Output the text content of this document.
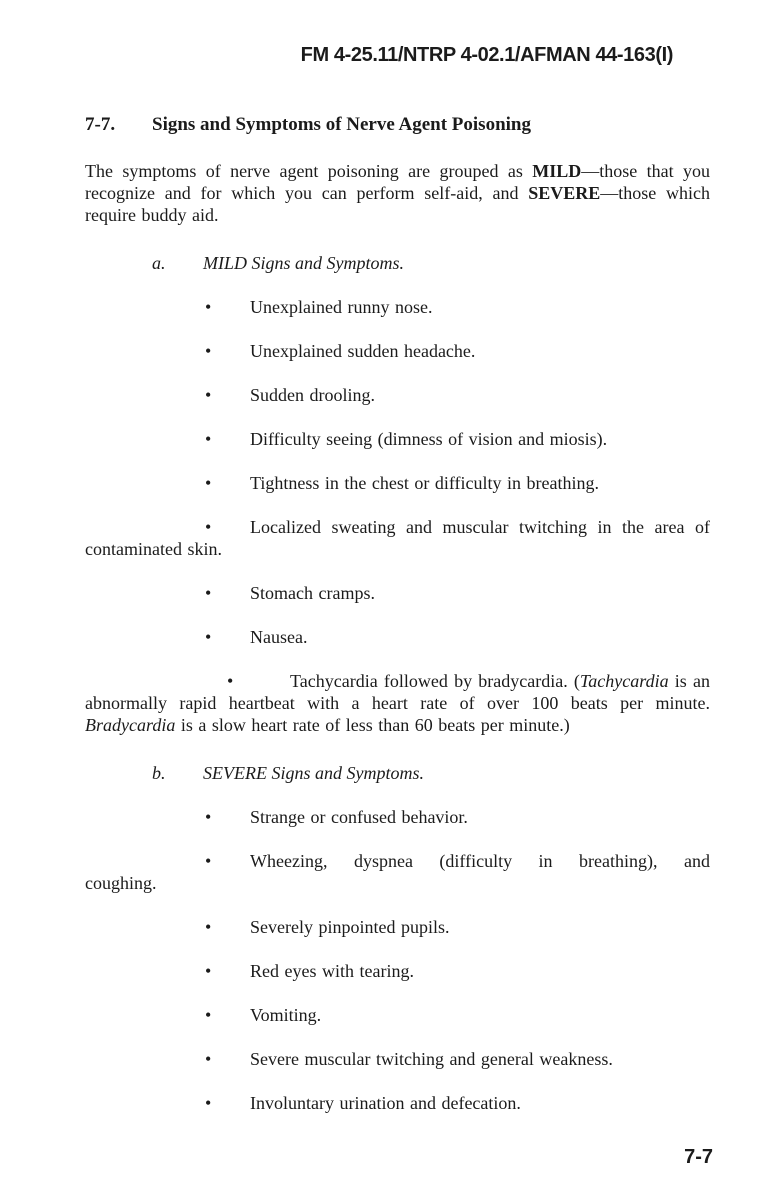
FM 4-25.11/NTRP 4-02.1/AFMAN 44-163(I)
7-7. Signs and Symptoms of Nerve Agent Poisoning

The symptoms of nerve agent poisoning are grouped as MILD—those that you recognize and for which you can perform self-aid, and SEVERE—those which require buddy aid.

a. MILD Signs and Symptoms.

• Unexplained runny nose.

• Unexplained sudden headache.

• Sudden drooling.

• Difficulty seeing (dimness of vision and miosis).

• Tightness in the chest or difficulty in breathing.

• Localized sweating and muscular twitching in the area of contaminated skin.

• Stomach cramps.

• Nausea.

•	Tachycardia followed by bradycardia. (Tachycardia is an abnormally rapid heartbeat with a heart rate of over 100 beats per minute. Bradycardia is a slow heart rate of less than 60 beats per minute.)

b. SEVERE Signs and Symptoms.

• Strange or confused behavior.

• Wheezing, dyspnea (difficulty in breathing), and
coughing.

• Severely pinpointed pupils.

• Red eyes with tearing.

• Vomiting.

• Severe muscular twitching and general weakness.

• Involuntary urination and defecation.

7-7
